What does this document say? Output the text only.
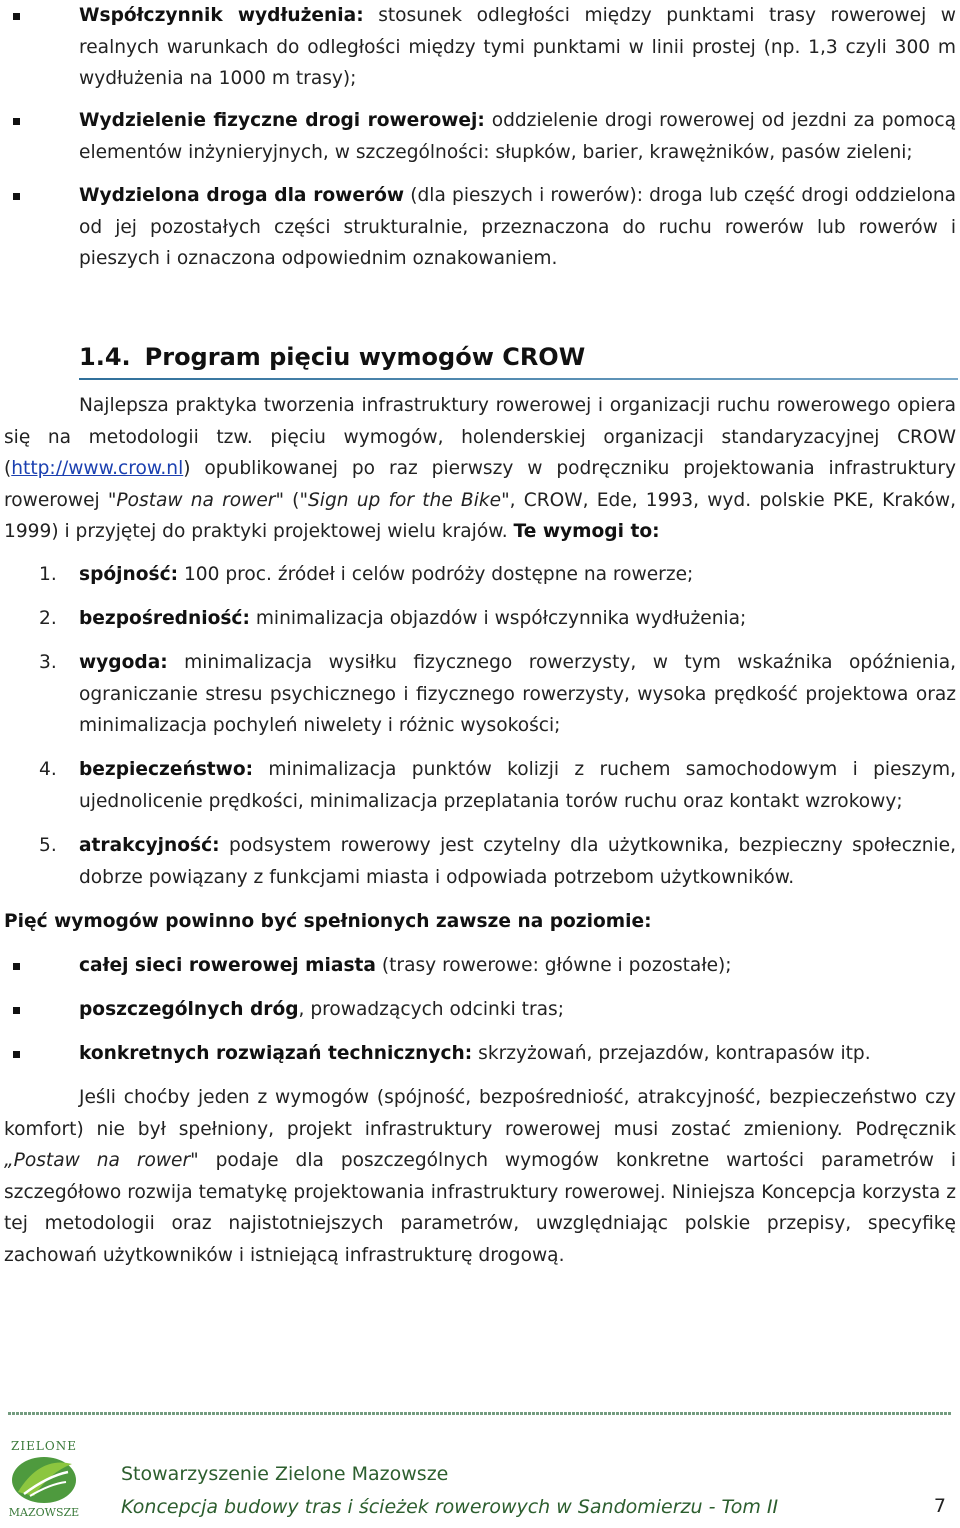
Współczynnik wydłużenia: stosunek odległości między punktami trasy rowerowej w realnych warunkach do odległości między tymi punktami w linii prostej (np. 1,3 czyli 300 m wydłużenia na 1000 m trasy);

Wydzielenie fizyczne drogi rowerowej: oddzielenie drogi rowerowej od jezdni za pomocą elementów inżynieryjnych, w szczególności: słupków, barier, krawężników, pasów zieleni;

Wydzielona droga dla rowerów (dla pieszych i rowerów): droga lub część drogi oddzielona od jej pozostałych części strukturalnie, przeznaczona do ruchu rowerów lub rowerów i pieszych i oznaczona odpowiednim oznakowaniem.

1.4. Program pięciu wymogów CROW

Najlepsza praktyka tworzenia infrastruktury rowerowej i organizacji ruchu rowerowego opiera się na metodologii tzw. pięciu wymogów, holenderskiej organizacji standaryzacyjnej CROW (http://www.crow.nl) opublikowanej po raz pierwszy w podręczniku projektowania infrastruktury rowerowej "Postaw na rower" ("Sign up for the Bike", CROW, Ede, 1993, wyd. polskie PKE, Kraków, 1999) i przyjętej do praktyki projektowej wielu krajów. Te wymogi to:

1. spójność: 100 proc. źródeł i celów podróży dostępne na rowerze;

2. bezpośredniość: minimalizacja objazdów i współczynnika wydłużenia;

3. wygoda: minimalizacja wysiłku fizycznego rowerzysty, w tym wskaźnika opóźnienia, ograniczanie stresu psychicznego i fizycznego rowerzysty, wysoka prędkość projektowa oraz minimalizacja pochyleń niwelety i różnic wysokości;

4. bezpieczeństwo: minimalizacja punktów kolizji z ruchem samochodowym i pieszym, ujednolicenie prędkości, minimalizacja przeplatania torów ruchu oraz kontakt wzrokowy;

5. atrakcyjność: podsystem rowerowy jest czytelny dla użytkownika, bezpieczny społecznie, dobrze powiązany z funkcjami miasta i odpowiada potrzebom użytkowników.

Pięć wymogów powinno być spełnionych zawsze na poziomie:

całej sieci rowerowej miasta (trasy rowerowe: główne i pozostałe);

poszczególnych dróg, prowadzących odcinki tras;

konkretnych rozwiązań technicznych: skrzyżowań, przejazdów, kontrapasów itp.

Jeśli choćby jeden z wymogów (spójność, bezpośredniość, atrakcyjność, bezpieczeństwo czy komfort) nie był spełniony, projekt infrastruktury rowerowej musi zostać zmieniony. Podręcznik „Postaw na rower" podaje dla poszczególnych wymogów konkretne wartości parametrów i szczegółowo rozwija tematykę projektowania infrastruktury rowerowej. Niniejsza Koncepcja korzysta z tej metodologii oraz najistotniejszych parametrów, uwzględniając polskie przepisy, specyfikę zachowań użytkowników i istniejącą infrastrukturę drogową.

ZIELONE
MAZOWSZE
Stowarzyszenie Zielone Mazowsze
Koncepcja budowy tras i ścieżek rowerowych w Sandomierzu - Tom II	7
